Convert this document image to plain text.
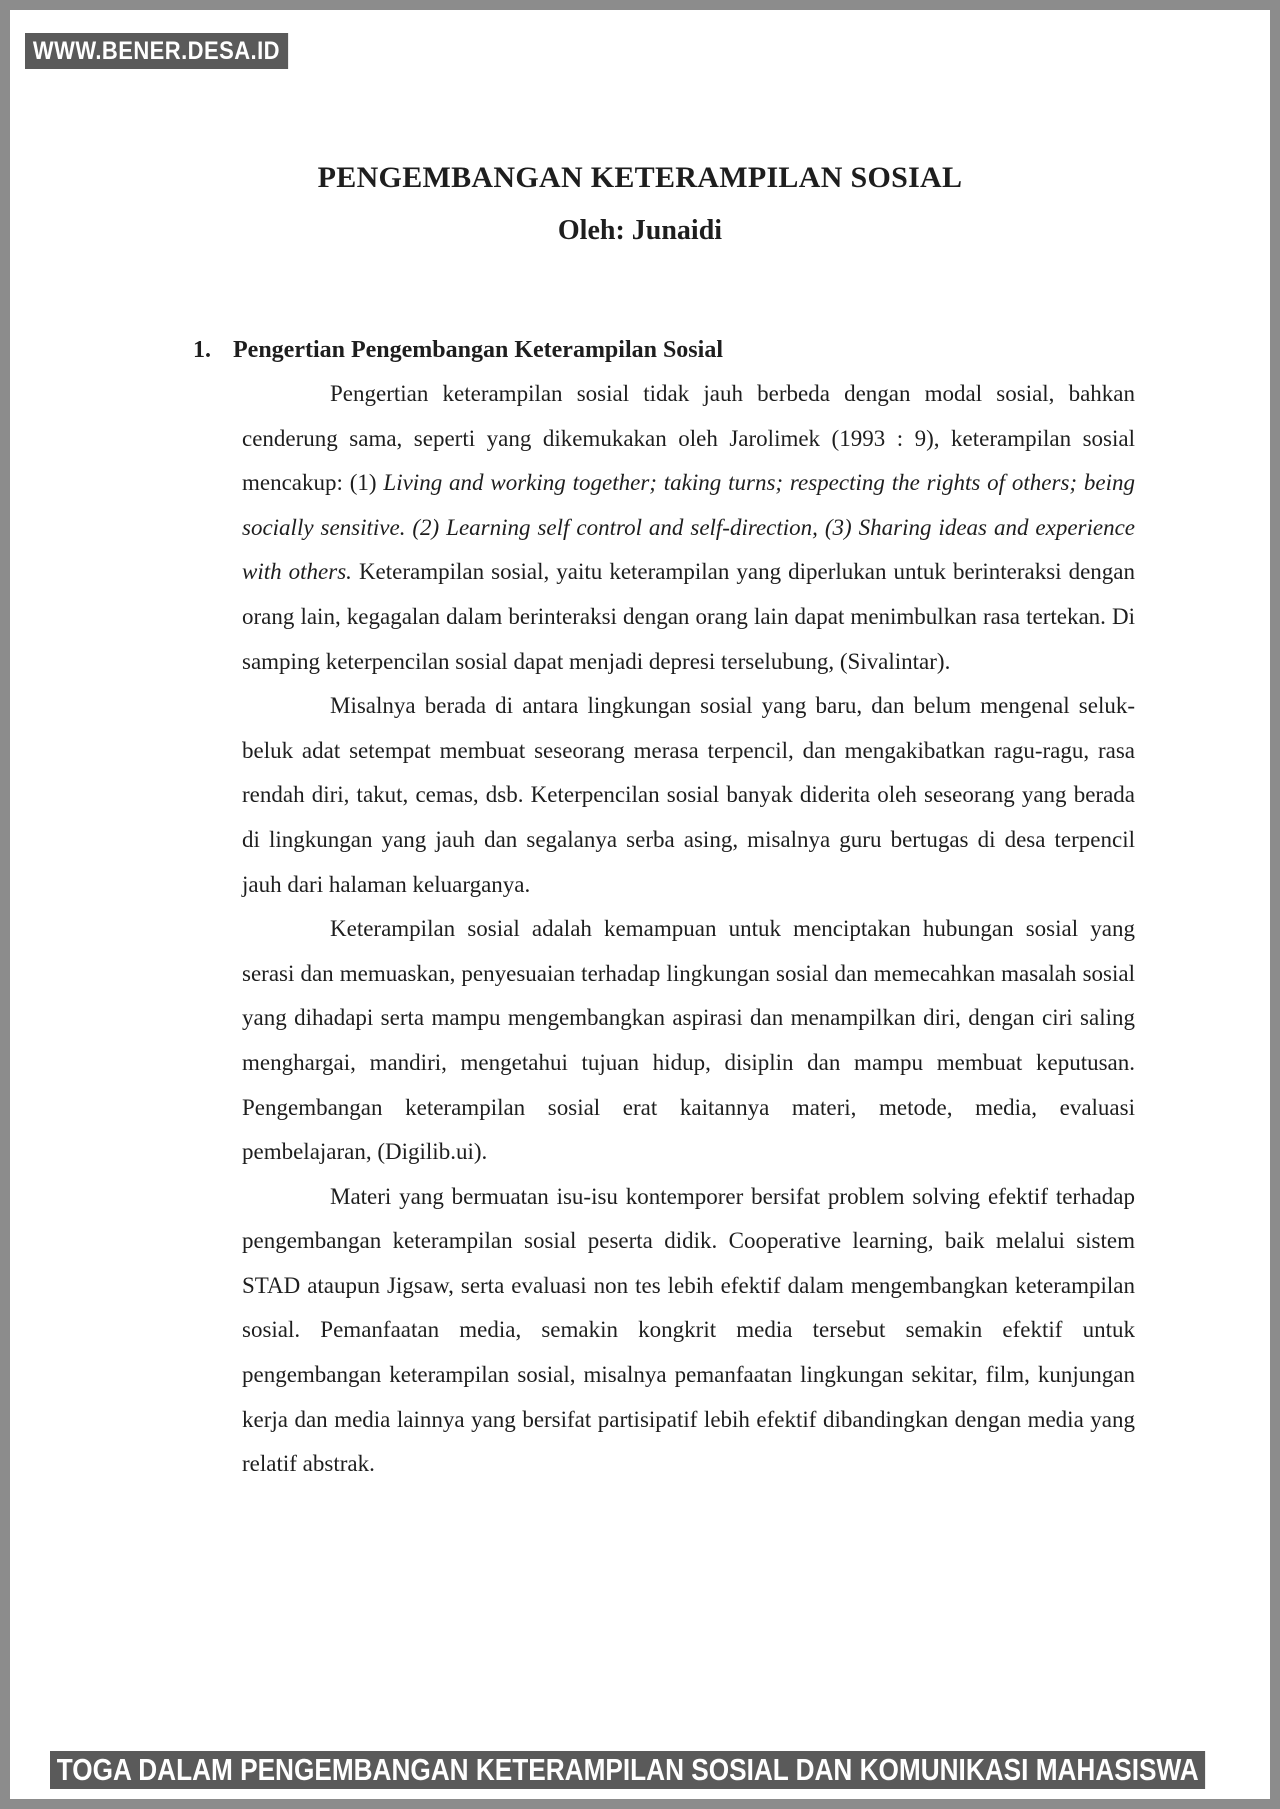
WWW.BENER.DESA.ID
PENGEMBANGAN KETERAMPILAN SOSIAL
Oleh: Junaidi
1. Pengertian Pengembangan Keterampilan Sosial

Pengertian keterampilan sosial tidak jauh berbeda dengan modal sosial, bahkan cenderung sama, seperti yang dikemukakan oleh Jarolimek (1993 : 9), keterampilan sosial mencakup: (1) Living and working together; taking turns; respecting the rights of others; being socially sensitive. (2) Learning self control and self-direction, (3) Sharing ideas and experience with others. Keterampilan sosial, yaitu keterampilan yang diperlukan untuk berinteraksi dengan orang lain, kegagalan dalam berinteraksi dengan orang lain dapat menimbulkan rasa tertekan. Di samping keterpencilan sosial dapat menjadi depresi terselubung, (Sivalintar).

Misalnya berada di antara lingkungan sosial yang baru, dan belum mengenal seluk-beluk adat setempat membuat seseorang merasa terpencil, dan mengakibatkan ragu-ragu, rasa rendah diri, takut, cemas, dsb. Keterpencilan sosial banyak diderita oleh seseorang yang berada di lingkungan yang jauh dan segalanya serba asing, misalnya guru bertugas di desa terpencil jauh dari halaman keluarganya.

Keterampilan sosial adalah kemampuan untuk menciptakan hubungan sosial yang serasi dan memuaskan, penyesuaian terhadap lingkungan sosial dan memecahkan masalah sosial yang dihadapi serta mampu mengembangkan aspirasi dan menampilkan diri, dengan ciri saling menghargai, mandiri, mengetahui tujuan hidup, disiplin dan mampu membuat keputusan. Pengembangan keterampilan sosial erat kaitannya materi, metode, media, evaluasi pembelajaran, (Digilib.ui).

Materi yang bermuatan isu-isu kontemporer bersifat problem solving efektif terhadap pengembangan keterampilan sosial peserta didik. Cooperative learning, baik melalui sistem STAD ataupun Jigsaw, serta evaluasi non tes lebih efektif dalam mengembangkan keterampilan sosial. Pemanfaatan media, semakin kongkrit media tersebut semakin efektif untuk pengembangan keterampilan sosial, misalnya pemanfaatan lingkungan sekitar, film, kunjungan kerja dan media lainnya yang bersifat partisipatif lebih efektif dibandingkan dengan media yang relatif abstrak.

TOGA DALAM PENGEMBANGAN KETERAMPILAN SOSIAL DAN KOMUNIKASI MAHASISWA
